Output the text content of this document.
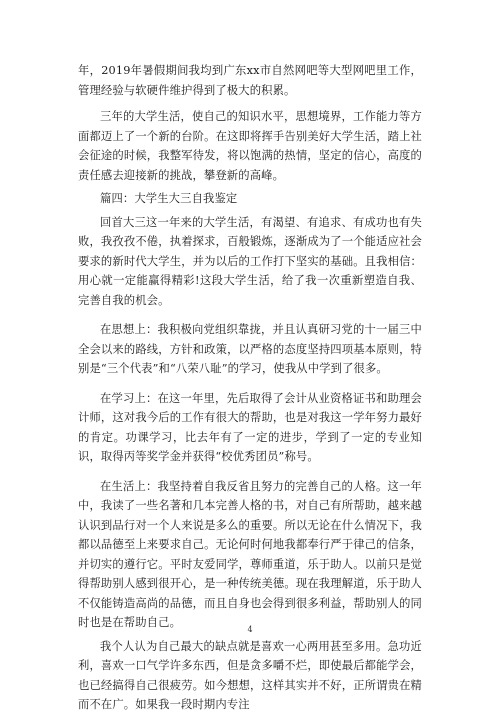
年，2019年暑假期间我均到广东xx市自然网吧等大型网吧里工作，管理经验与软硬件维护得到了极大的积累。

三年的大学生活，使自己的知识水平，思想境界，工作能力等方面都迈上了一个新的台阶。在这即将挥手告别美好大学生活，踏上社会征途的时候，我整军待发，将以饱满的热情，坚定的信心，高度的责任感去迎接新的挑战，攀登新的高峰。

篇四：大学生大三自我鉴定

回首大三这一年来的大学生活，有渴望、有追求、有成功也有失败，我孜孜不倦，执着探求，百般锻炼，逐渐成为了一个能适应社会要求的新时代大学生，并为以后的工作打下坚实的基础。且我相信：用心就一定能赢得精彩!这段大学生活，给了我一次重新塑造自我、完善自我的机会。

在思想上：我积极向党组织靠拢，并且认真研习党的十一届三中全会以来的路线，方针和政策，以严格的态度坚持四项基本原则，特别是“三个代表”和“八荣八耻”的学习，使我从中学到了很多。

在学习上：在这一年里，先后取得了会计从业资格证书和助理会计师，这对我今后的工作有很大的帮助，也是对我这一学年努力最好的肯定。功课学习，比去年有了一定的进步，学到了一定的专业知识，取得丙等奖学金并获得“校优秀团员”称号。

在生活上：我坚持着自我反省且努力的完善自己的人格。这一年中，我读了一些名著和几本完善人格的书，对自己有所帮助，越来越认识到品行对一个人来说是多么的重要。所以无论在什么情况下，我都以品德至上来要求自己。无论何时何地我都奉行严于律己的信条，并切实的遵行它。平时友爱同学，尊师重道，乐于助人。以前只是觉得帮助别人感到很开心，是一种传统美德。现在我理解道，乐于助人不仅能铸造高尚的品德，而且自身也会得到很多利益，帮助别人的同时也是在帮助自己。

我个人认为自己最大的缺点就是喜欢一心两用甚至多用。急功近利，喜欢一口气学许多东西，但是贪多嚼不烂，即使最后都能学会，也已经搞得自己很疲劳。如今想想，这样其实并不好，正所谓贵在精而不在广。如果我一段时期内专注

4
